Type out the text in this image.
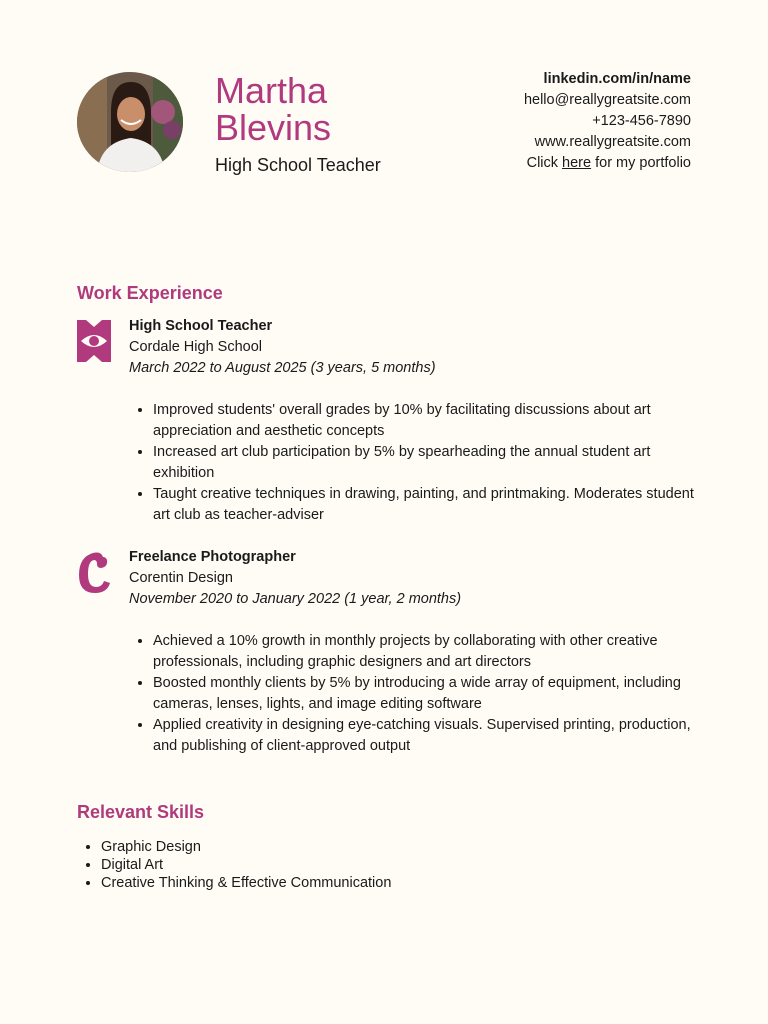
Martha
Blevins
High School Teacher
linkedin.com/in/name
hello@reallygreatsite.com
+123-456-7890
www.reallygreatsite.com
Click here for my portfolio
Work Experience
High School Teacher
Cordale High School
March 2022 to August 2025 (3 years, 5 months)
• Improved students' overall grades by 10% by facilitating discussions about art appreciation and aesthetic concepts
• Increased art club participation by 5% by spearheading the annual student art exhibition
• Taught creative techniques in drawing, painting, and printmaking. Moderates student art club as teacher-adviser
Freelance Photographer
Corentin Design
November 2020 to January 2022 (1 year, 2 months)
• Achieved a 10% growth in monthly projects by collaborating with other creative professionals, including graphic designers and art directors
• Boosted monthly clients by 5% by introducing a wide array of equipment, including cameras, lenses, lights, and image editing software
• Applied creativity in designing eye-catching visuals. Supervised printing, production, and publishing of client-approved output
Relevant Skills
• Graphic Design
• Digital Art
• Creative Thinking & Effective Communication
